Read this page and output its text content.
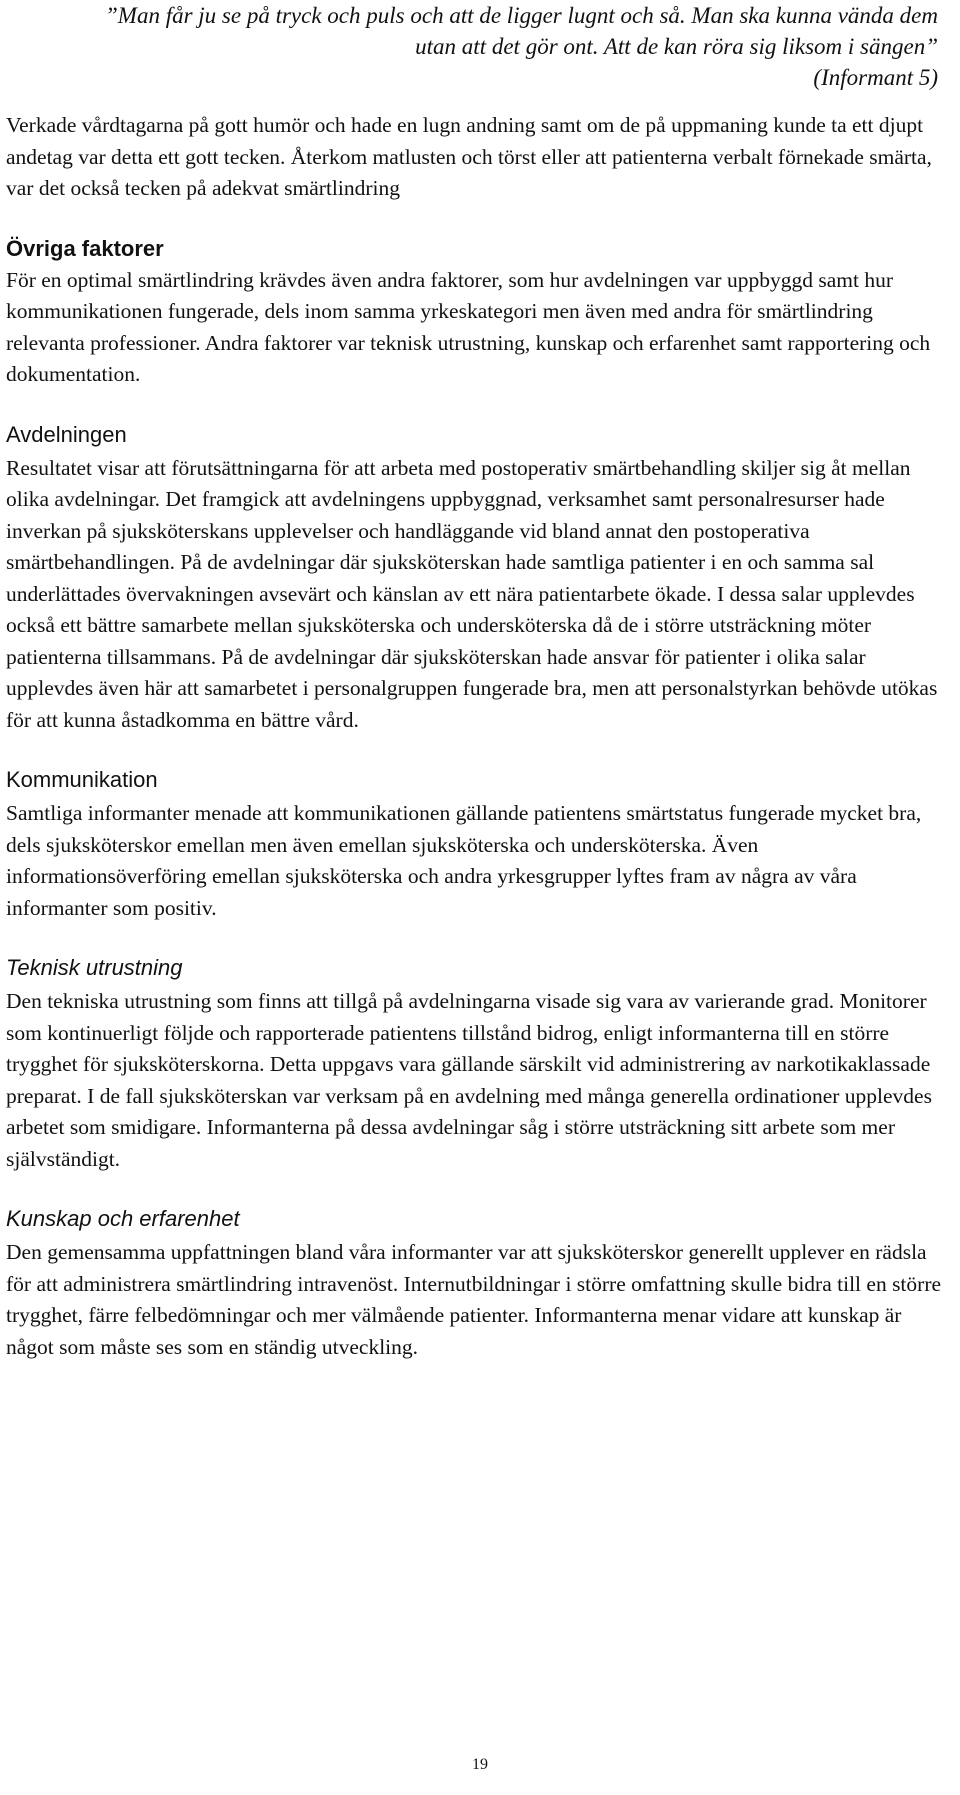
”Man får ju se på tryck och puls och att de ligger lugnt och så. Man ska kunna vända dem utan att det gör ont. Att de kan röra sig liksom i sängen”
(Informant 5)

Verkade vårdtagarna på gott humör och hade en lugn andning samt om de på uppmaning kunde ta ett djupt andetag var detta ett gott tecken. Återkom matlusten och törst eller att patienterna verbalt förnekade smärta, var det också tecken på adekvat smärtlindring

Övriga faktorer

För en optimal smärtlindring krävdes även andra faktorer, som hur avdelningen var uppbyggd samt hur kommunikationen fungerade, dels inom samma yrkeskategori men även med andra för smärtlindring relevanta professioner. Andra faktorer var teknisk utrustning, kunskap och erfarenhet samt rapportering och dokumentation.

Avdelningen

Resultatet visar att förutsättningarna för att arbeta med postoperativ smärtbehandling skiljer sig åt mellan olika avdelningar. Det framgick att avdelningens uppbyggnad, verksamhet samt personalresurser hade inverkan på sjuksköterskans upplevelser och handläggande vid bland annat den postoperativa smärtbehandlingen. På de avdelningar där sjuksköterskan hade samtliga patienter i en och samma sal underlättades övervakningen avsevärt och känslan av ett nära patientarbete ökade. I dessa salar upplevdes också ett bättre samarbete mellan sjuksköterska och undersköterska då de i större utsträckning möter patienterna tillsammans. På de avdelningar där sjuksköterskan hade ansvar för patienter i olika salar upplevdes även här att samarbetet i personalgruppen fungerade bra, men att personalstyrkan behövde utökas för att kunna åstadkomma en bättre vård.

Kommunikation

Samtliga informanter menade att kommunikationen gällande patientens smärtstatus fungerade mycket bra, dels sjuksköterskor emellan men även emellan sjuksköterska och undersköterska. Även informationsöverföring emellan sjuksköterska och andra yrkesgrupper lyftes fram av några av våra informanter som positiv.

Teknisk utrustning

Den tekniska utrustning som finns att tillgå på avdelningarna visade sig vara av varierande grad. Monitorer som kontinuerligt följde och rapporterade patientens tillstånd bidrog, enligt informanterna till en större trygghet för sjuksköterskorna. Detta uppgavs vara gällande särskilt vid administrering av narkotikaklassade preparat. I de fall sjuksköterskan var verksam på en avdelning med många generella ordinationer upplevdes arbetet som smidigare. Informanterna på dessa avdelningar såg i större utsträckning sitt arbete som mer självständigt.

Kunskap och erfarenhet

Den gemensamma uppfattningen bland våra informanter var att sjuksköterskor generellt upplever en rädsla för att administrera smärtlindring intravenöst. Internutbildningar i större omfattning skulle bidra till en större trygghet, färre felbedömningar och mer välmående patienter. Informanterna menar vidare att kunskap är något som måste ses som en ständig utveckling.

19
